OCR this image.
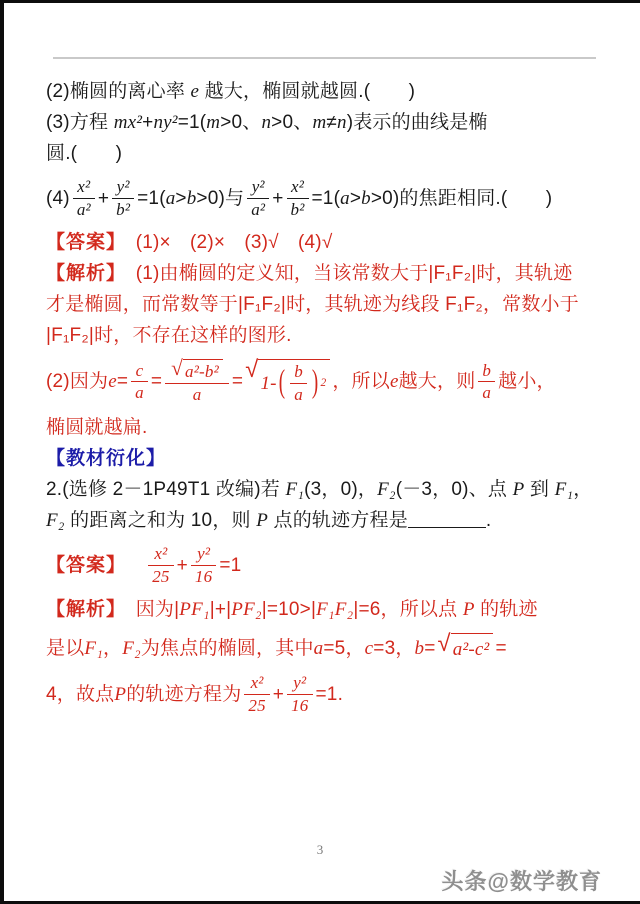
(2)椭圆的离心率 e 越大，椭圆就越圆.(　　)
(3)方程 mx²+ny²=1(m>0、n>0、m≠n)表示的曲线是椭
圆.(　　)
$(4) \frac{\text{x²}}{\text{a²}} + \frac{\text{y²}}{\text{b²}} =1$( a > b >0)与 $\frac{\text{y²}}{\text{a²}} + \frac{\text{x²}}{\text{b²}} =1$( a > b >0)的焦距相同.(　　)
【答案】　(1)×　(2)×　(3)√　(4)√
【解析】　(1)由椭圆的定义知，当该常数大于|F₁F₂|时，其轨迹
才是椭圆，而常数等于|F₁F₂|时，其轨迹为线段 F₁F₂，常数小于
|F₁F₂|时，不存在这样的图形.
(2)因为 $e = \frac{c}{a} = \frac{\text{√ a²-b²}}{a}$ = √
1- ( $\frac{b}{a}$ ) 2 ，所以 e 越大，则 $\frac{b}{a}$ 越小，
椭圆就越扁.
【教材衍化】
2.(选修 2－1P49T1 改编)若 F₁(3，0)，F₂(－3，0)、点 P 到 F₁，
F₂ 的距离之和为 10，则 P 点的轨迹方程是	.
【答案】
　 $\frac{\text{x²}}{25} + \frac{\text{y²}}{16} =1$
【解析】　因为|PF₁|+|PF₂|=10>|F₁F₂|=6，所以点 P 的轨迹
是以 F₁ ， F₂ 为焦点的椭圆，其中 a =5， c =3， b = √ a²-c² =
4，故点 P 的轨迹方程为 $\frac{\text{x²}}{25} + \frac{\text{y²}}{16} =1$.
3
头条@数学教育
